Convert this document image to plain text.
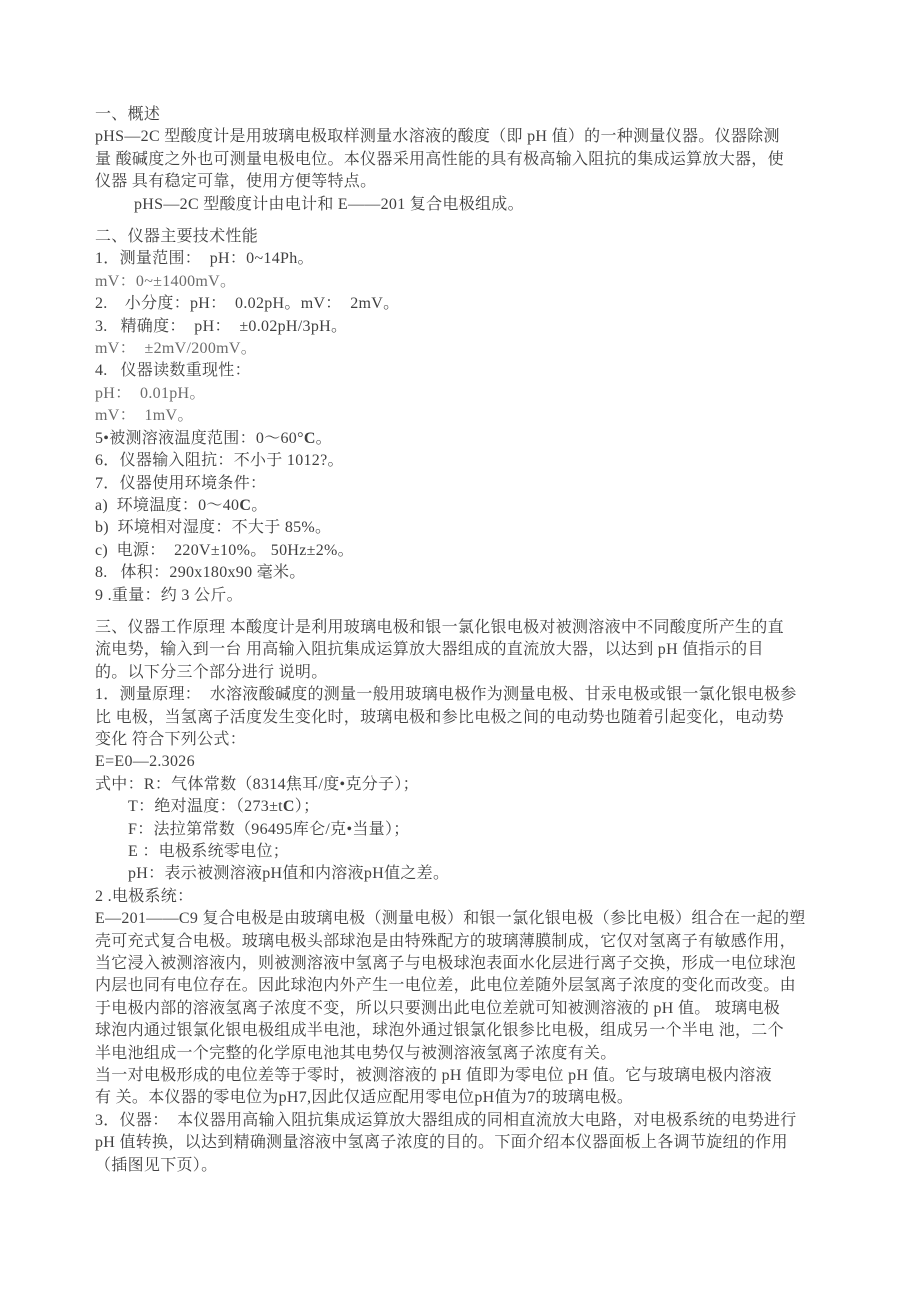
一、概述
pHS—2C 型酸度计是用玻璃电极取样测量水溶液的酸度（即 pH 值）的一种测量仪器。仪器除测
量 酸碱度之外也可测量电极电位。本仪器采用高性能的具有极高输入阻抗的集成运算放大器，使
仪器 具有稳定可靠，使用方便等特点。
pHS—2C 型酸度计由电计和 E——201 复合电极组成。
二、仪器主要技术性能
1．测量范围：  pH：0~14Ph。
mV：0~±1400mV。
2.    小分度：pH：  0.02pH。mV：  2mV。
3.   精确度：  pH：  ±0.02pH/3pH。
mV：  ±2mV/200mV。
4.   仪器读数重现性：
pH：  0.01pH。
mV：  1mV。
5•被测溶液温度范围：0〜60°C。
6．仪器输入阻抗：不小于 1012?。
7．仪器使用环境条件：
a)  环境温度：0〜40C。
b)  环境相对湿度：不大于 85%。
c)  电源：  220V±10%。 50Hz±2%。
8.   体积：290x180x90 毫米。
9 .重量：约 3 公斤。
三、仪器工作原理 本酸度计是利用玻璃电极和银一氯化银电极对被测溶液中不同酸度所产生的直
流电势，输入到一台 用高输入阻抗集成运算放大器组成的直流放大器，以达到 pH 值指示的目
的。以下分三个部分进行 说明。
1．测量原理：  水溶液酸碱度的测量一般用玻璃电极作为测量电极、甘汞电极或银一氯化银电极参
比 电极，当氢离子活度发生变化时，玻璃电极和参比电极之间的电动势也随着引起变化，电动势
变化 符合下列公式：
E=E0—2.3026
式中：R：气体常数（8314焦耳/度•克分子）；
T：绝对温度：（273±tC）；
F：法拉第常数（96495库仑/克•当量）；
E ：电极系统零电位；
pH：表示被测溶液pH值和内溶液pH值之差。
2 .电极系统：
E—201——C9 复合电极是由玻璃电极（测量电极）和银一氯化银电极（参比电极）组合在一起的塑
壳可充式复合电极。玻璃电极头部球泡是由特殊配方的玻璃薄膜制成，它仅对氢离子有敏感作用，
当它浸入被测溶液内，则被测溶液中氢离子与电极球泡表面水化层进行离子交换，形成一电位球泡
内层也同有电位存在。因此球泡内外产生一电位差，此电位差随外层氢离子浓度的变化而改变。由
于电极内部的溶液氢离子浓度不变，所以只要测出此电位差就可知被测溶液的 pH 值。 玻璃电极
球泡内通过银氯化银电极组成半电池，球泡外通过银氯化银参比电极，组成另一个半电 池，二个
半电池组成一个完整的化学原电池其电势仅与被测溶液氢离子浓度有关。
当一对电极形成的电位差等于零时，被测溶液的 pH 值即为零电位 pH 值。它与玻璃电极内溶液
有 关。本仪器的零电位为pH7,因此仅适应配用零电位pH值为7的玻璃电极。
3．仪器：  本仪器用高输入阻抗集成运算放大器组成的同相直流放大电路，对电极系统的电势进行
pH 值转换，以达到精确测量溶液中氢离子浓度的目的。下面介绍本仪器面板上各调节旋纽的作用
（插图见下页）。
